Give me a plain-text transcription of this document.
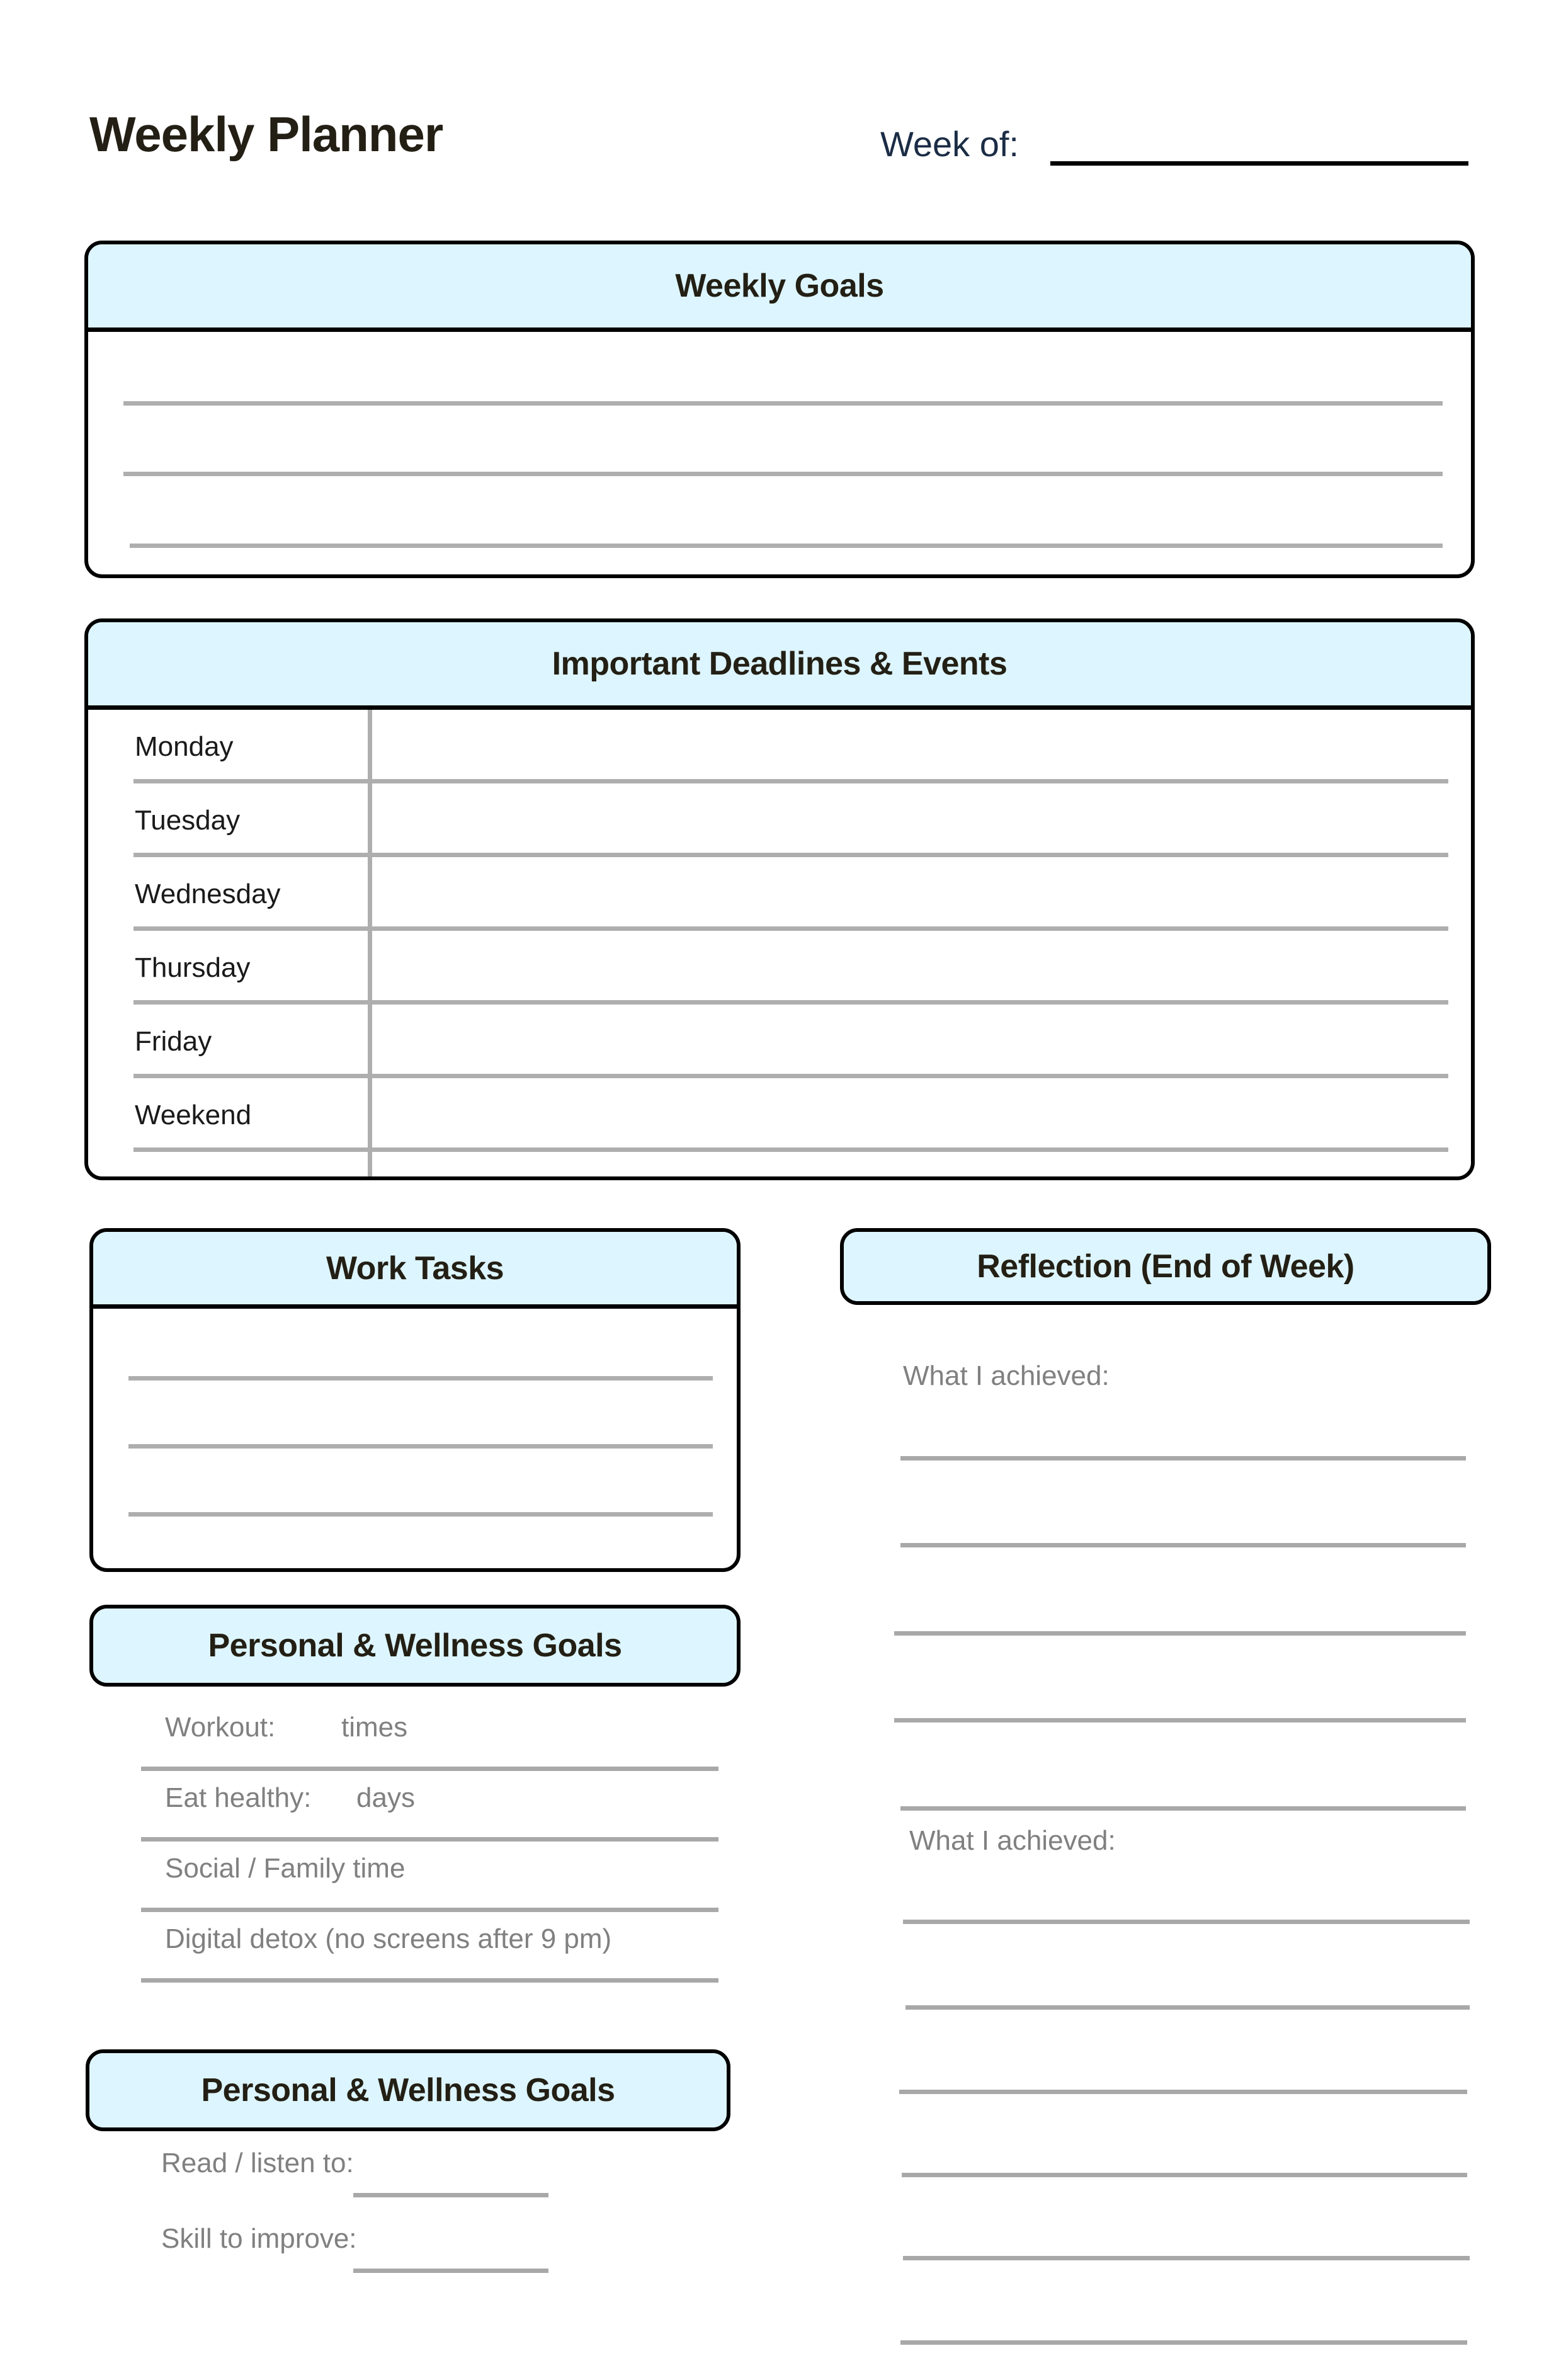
Weekly Planner	Week of:
Weekly Goals
Important Deadlines & Events
Monday
Tuesday
Wednesday
Thursday
Friday
Weekend
Work Tasks
Personal & Wellness Goals
Workout: times
Eat healthy: days
Social / Family time
Digital detox (no screens after 9 pm)
Personal & Wellness Goals
Read / listen to:
Skill to improve:
Reflection (End of Week)
What I achieved:
What I achieved:
